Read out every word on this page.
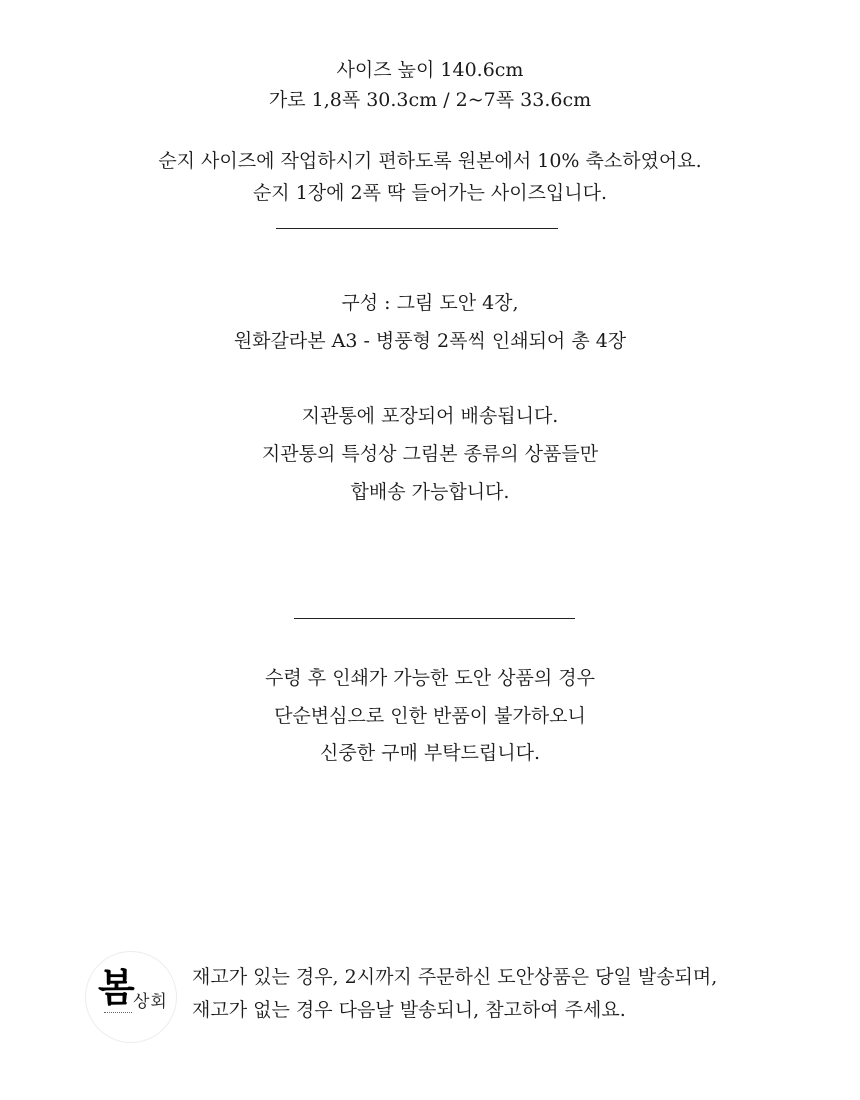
사이즈 높이 140.6cm
가로 1,8폭 30.3cm / 2~7폭 33.6cm
순지 사이즈에 작업하시기 편하도록 원본에서 10% 축소하였어요.
순지 1장에 2폭 딱 들어가는 사이즈입니다.
구성 : 그림 도안 4장,
원화갈라본 A3 - 병풍형 2폭씩 인쇄되어 총 4장
지관통에 포장되어 배송됩니다.
지관통의 특성상 그림본 종류의 상품들만
합배송 가능합니다.
수령 후 인쇄가 가능한 도안 상품의 경우
단순변심으로 인한 반품이 불가하오니
신중한 구매 부탁드립니다.
봄 상회
재고가 있는 경우, 2시까지 주문하신 도안상품은 당일 발송되며,
재고가 없는 경우 다음날 발송되니, 참고하여 주세요.
